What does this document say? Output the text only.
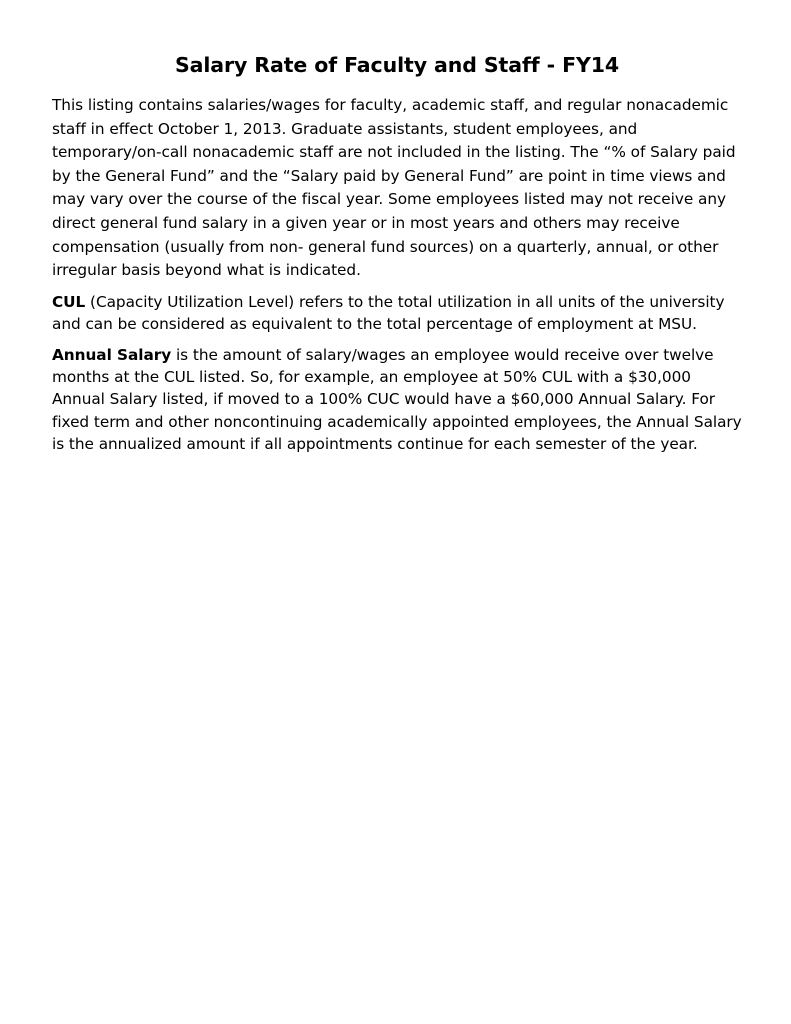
Salary Rate of Faculty and Staff - FY14

This listing contains salaries/wages for faculty, academic staff, and regular nonacademic staff in effect October 1, 2013. Graduate assistants, student employees, and temporary/on-call nonacademic staff are not included in the listing. The “% of Salary paid by the General Fund” and the “Salary paid by General Fund” are point in time views and may vary over the course of the fiscal year. Some employees listed may not receive any direct general fund salary in a given year or in most years and others may receive compensation (usually from non- general fund sources) on a quarterly, annual, or other irregular basis beyond what is indicated.

CUL (Capacity Utilization Level) refers to the total utilization in all units of the university and can be considered as equivalent to the total percentage of employment at MSU.

Annual Salary is the amount of salary/wages an employee would receive over twelve months at the CUL listed. So, for example, an employee at 50% CUL with a $30,000 Annual Salary listed, if moved to a 100% CUC would have a $60,000 Annual Salary. For fixed term and other noncontinuing academically appointed employees, the Annual Salary is the annualized amount if all appointments continue for each semester of the year.
